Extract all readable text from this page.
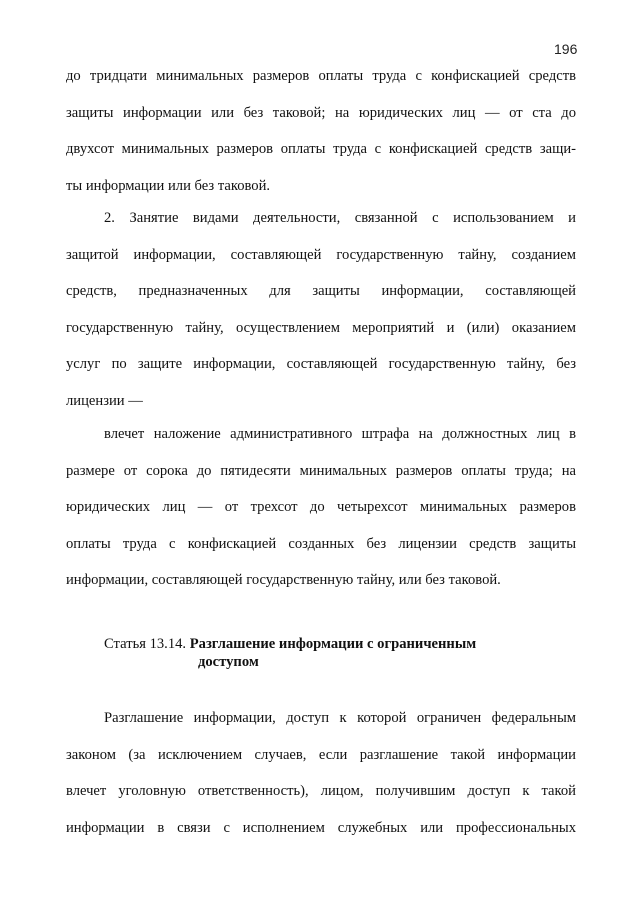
196

до тридцати минимальных размеров оплаты труда с конфискацией средств
защиты информации или без таковой; на юридических лиц — от ста до
двухсот минимальных размеров оплаты труда с конфискацией средств защи-
ты информации или без таковой.

2. Занятие видами деятельности, связанной с использованием и
защитой информации, составляющей государственную тайну, созданием
средств, предназначенных для защиты информации, составляющей
государственную тайну, осуществлением мероприятий и (или) оказанием
услуг по защите информации, составляющей государственную тайну, без
лицензии —

влечет наложение административного штрафа на должностных лиц в
размере от сорока до пятидесяти минимальных размеров оплаты труда; на
юридических лиц — от трехсот до четырехсот минимальных размеров
оплаты труда с конфискацией созданных без лицензии средств защиты
информации, составляющей государственную тайну, или без таковой.

Статья 13.14. Разглашение информации с ограниченным
доступом

Разглашение информации, доступ к которой ограничен федеральным
законом (за исключением случаев, если разглашение такой информации
влечет уголовную ответственность), лицом, получившим доступ к такой
информации в связи с исполнением служебных или профессиональных
